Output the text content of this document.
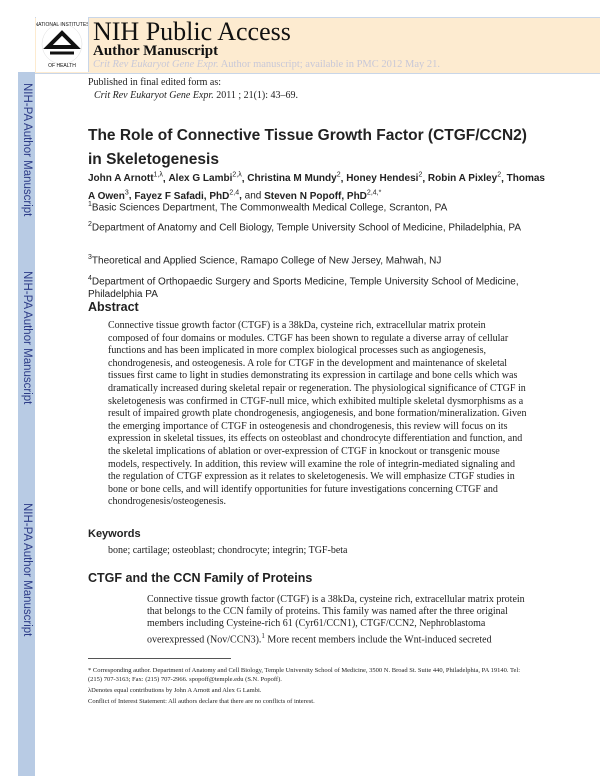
NIH-PA Author Manuscript
NIH-PA Author Manuscript
NIH-PA Author Manuscript
NATIONAL INSTITUTES
OF HEALTH
NIH Public Access
Author Manuscript
Crit Rev Eukaryot Gene Expr. Author manuscript; available in PMC 2012 May 21.
Published in final edited form as:
Crit Rev Eukaryot Gene Expr. 2011 ; 21(1): 43–69.
The Role of Connective Tissue Growth Factor (CTGF/CCN2) in Skeletogenesis
John A Arnott$^{1,\lambda}$, Alex G Lambi$^{2,\lambda}$, Christina M Mundy$^2$, Honey Hendesi$^2$, Robin A Pixley$^2$, Thomas A Owen$^3$, Fayez F Safadi, PhD$^{2,4}$, and Steven N Popoff, PhD$^{2,4,*}$
$^1$Basic Sciences Department, The Commonwealth Medical College, Scranton, PA
$^2$Department of Anatomy and Cell Biology, Temple University School of Medicine, Philadelphia, PA
$^3$Theoretical and Applied Science, Ramapo College of New Jersey, Mahwah, NJ
$^4$Department of Orthopaedic Surgery and Sports Medicine, Temple University School of Medicine, Philadelphia PA
Abstract
Connective tissue growth factor (CTGF) is a 38kDa, cysteine rich, extracellular matrix protein composed of four domains or modules. CTGF has been shown to regulate a diverse array of cellular functions and has been implicated in more complex biological processes such as angiogenesis, chondrogenesis, and osteogenesis. A role for CTGF in the development and maintenance of skeletal tissues first came to light in studies demonstrating its expression in cartilage and bone cells which was dramatically increased during skeletal repair or regeneration. The physiological significance of CTGF in skeletogenesis was confirmed in CTGF-null mice, which exhibited multiple skeletal dysmorphisms as a result of impaired growth plate chondrogenesis, angiogenesis, and bone formation/mineralization. Given the emerging importance of CTGF in osteogenesis and chondrogenesis, this review will focus on its expression in skeletal tissues, its effects on osteoblast and chondrocyte differentiation and function, and the skeletal implications of ablation or over-expression of CTGF in knockout or transgenic mouse models, respectively. In addition, this review will examine the role of integrin-mediated signaling and the regulation of CTGF expression as it relates to skeletogenesis. We will emphasize CTGF studies in bone or bone cells, and will identify opportunities for future investigations concerning CTGF and chondrogenesis/osteogenesis.
Keywords
bone; cartilage; osteoblast; chondrocyte; integrin; TGF-beta
CTGF and the CCN Family of Proteins
Connective tissue growth factor (CTGF) is a 38kDa, cysteine rich, extracellular matrix protein that belongs to the CCN family of proteins. This family was named after the three original members including Cysteine-rich 61 (Cyr61/CCN1), CTGF/CCN2, Nephroblastoma overexpressed (Nov/CCN3).$^1$ More recent members include the Wnt-induced secreted
* Corresponding author. Department of Anatomy and Cell Biology, Temple University School of Medicine, 3500 N. Broad St. Suite 440, Philadelphia, PA 19140. Tel: (215) 707-3163; Fax: (215) 707-2966. spopoff@temple.edu (S.N. Popoff).
λDenotes equal contributions by John A Arnott and Alex G Lambi.
Conflict of Interest Statement: All authors declare that there are no conflicts of interest.
